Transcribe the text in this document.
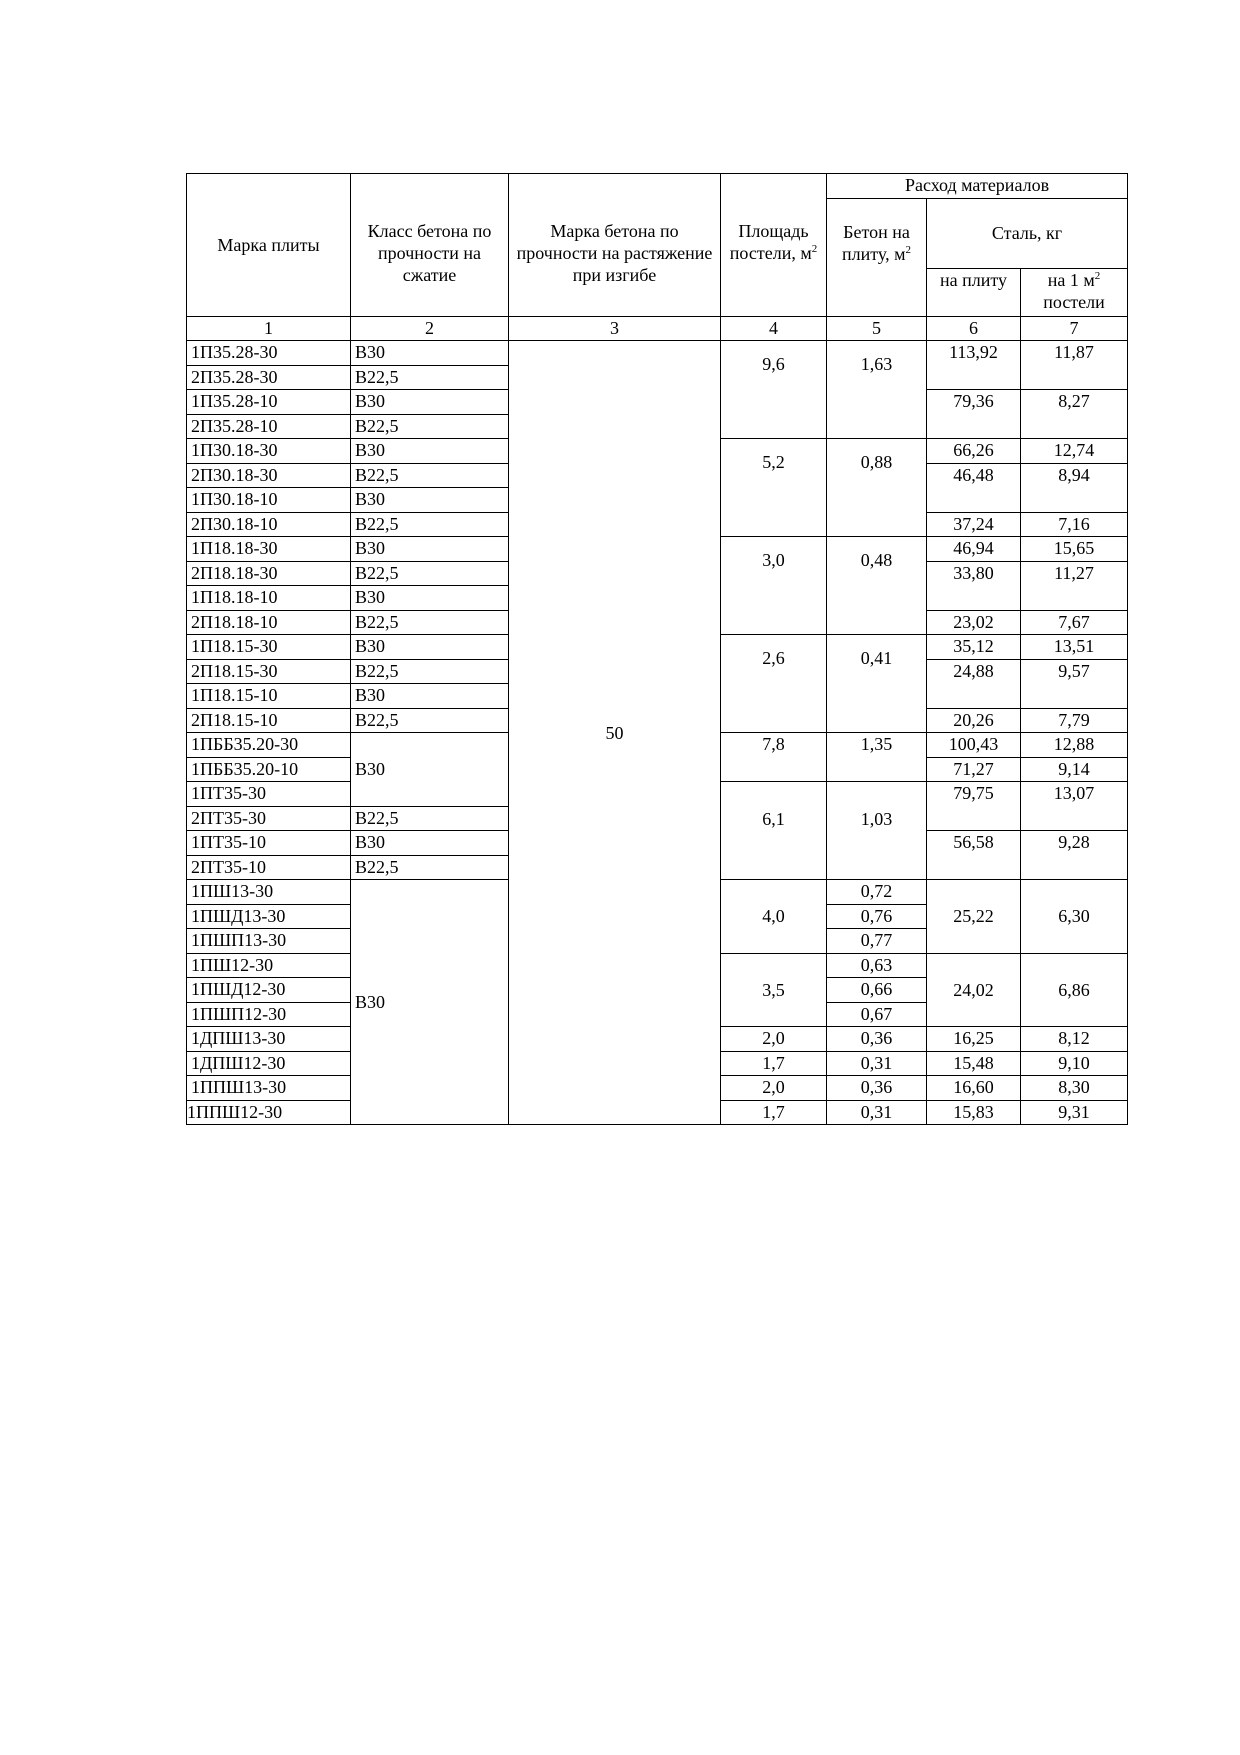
Марка плиты	Класс бетона по прочности на сжатие	Марка бетона по прочности на растяжение при изгибе	Площадь постели, $м^2$	Расход материалов		
				Бетон на плиту, $м^2$	Сталь, кг	
					на плиту	на 1 $м^2$
постели
1	2	3	4	5	6	7
1П35.28-30	В30	50	9,6	1,63	113,92	11,87
2П35.28-30	В22,5					
1П35.28-10	В30				79,36	8,27
2П35.28-10	В22,5					
1П30.18-30	В30		5,2	0,88	66,26	12,74
2П30.18-30	В22,5				46,48	8,94
1П30.18-10	В30					
2П30.18-10	В22,5				37,24	7,16
1П18.18-30	В30		3,0	0,48	46,94	15,65
2П18.18-30	В22,5				33,80	11,27
1П18.18-10	В30					
2П18.18-10	В22,5				23,02	7,67
1П18.15-30	В30		2,6	0,41	35,12	13,51
2П18.15-30	В22,5				24,88	9,57
1П18.15-10	В30					
2П18.15-10	В22,5				20,26	7,79
1ПББ35.20-30	В30		7,8	1,35	100,43	12,88
1ПББ35.20-10					71,27	9,14
1ПТ35-30			6,1	1,03	79,75	13,07
2ПТ35-30	В22,5					
1ПТ35-10	В30				56,58	9,28
2ПТ35-10	В22,5					
1ПШ13-30	В30		4,0	0,72	25,22	6,30
1ПШД13-30				0,76		
1ПШП13-30				0,77		
1ПШ12-30			3,5	0,63	24,02	6,86
1ПШД12-30				0,66		
1ПШП12-30				0,67		
1ДПШ13-30			2,0	0,36	16,25	8,12
1ДПШ12-30			1,7	0,31	15,48	9,10
1ППШ13-30			2,0	0,36	16,60	8,30
1ППШ12-30			1,7	0,31	15,83	9,31
